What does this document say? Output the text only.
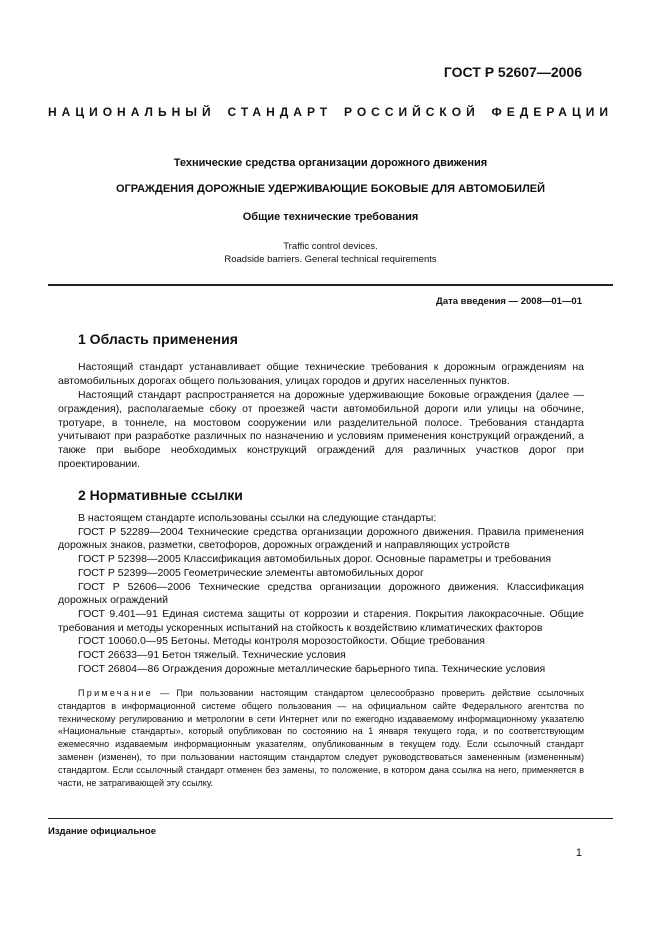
ГОСТ Р 52607—2006
НАЦИОНАЛЬНЫЙ СТАНДАРТ РОССИЙСКОЙ ФЕДЕРАЦИИ
Технические средства организации дорожного движения
ОГРАЖДЕНИЯ ДОРОЖНЫЕ УДЕРЖИВАЮЩИЕ БОКОВЫЕ ДЛЯ АВТОМОБИЛЕЙ
Общие технические требования
Traffic control devices.
Roadside barriers. General technical requirements
Дата введения — 2008—01—01
1 Область применения
Настоящий стандарт устанавливает общие технические требования к дорожным ограждениям на автомобильных дорогах общего пользования, улицах городов и других населенных пунктов.
Настоящий стандарт распространяется на дорожные удерживающие боковые ограждения (далее — ограждения), располагаемые сбоку от проезжей части автомобильной дороги или улицы на обочине, тротуаре, в тоннеле, на мостовом сооружении или разделительной полосе. Требования стандарта учитывают при разработке различных по назначению и условиям применения конструкций ограждений, а также при выборе необходимых конструкций ограждений для различных участков дорог при проектировании.
2 Нормативные ссылки
В настоящем стандарте использованы ссылки на следующие стандарты:
ГОСТ Р 52289—2004 Технические средства организации дорожного движения. Правила применения дорожных знаков, разметки, светофоров, дорожных ограждений и направляющих устройств
ГОСТ Р 52398—2005 Классификация автомобильных дорог. Основные параметры и требования
ГОСТ Р 52399—2005 Геометрические элементы автомобильных дорог
ГОСТ Р 52606—2006 Технические средства организации дорожного движения. Классификация дорожных ограждений
ГОСТ 9.401—91 Единая система защиты от коррозии и старения. Покрытия лакокрасочные. Общие требования и методы ускоренных испытаний на стойкость к воздействию климатических факторов
ГОСТ 10060.0—95 Бетоны. Методы контроля морозостойкости. Общие требования
ГОСТ 26633—91 Бетон тяжелый. Технические условия
ГОСТ 26804—86 Ограждения дорожные металлические барьерного типа. Технические условия
Примечание — При пользовании настоящим стандартом целесообразно проверить действие ссылочных стандартов в информационной системе общего пользования — на официальном сайте Федерального агентства по техническому регулированию и метрологии в сети Интернет или по ежегодно издаваемому информационному указателю «Национальные стандарты», который опубликован по состоянию на 1 января текущего года, и по соответствующим ежемесячно издаваемым информационным указателям, опубликованным в текущем году. Если ссылочный стандарт заменен (изменен), то при пользовании настоящим стандартом следует руководствоваться замененным (измененным) стандартом. Если ссылочный стандарт отменен без замены, то положение, в котором дана ссылка на него, применяется в части, не затрагивающей эту ссылку.
Издание официальное
1
